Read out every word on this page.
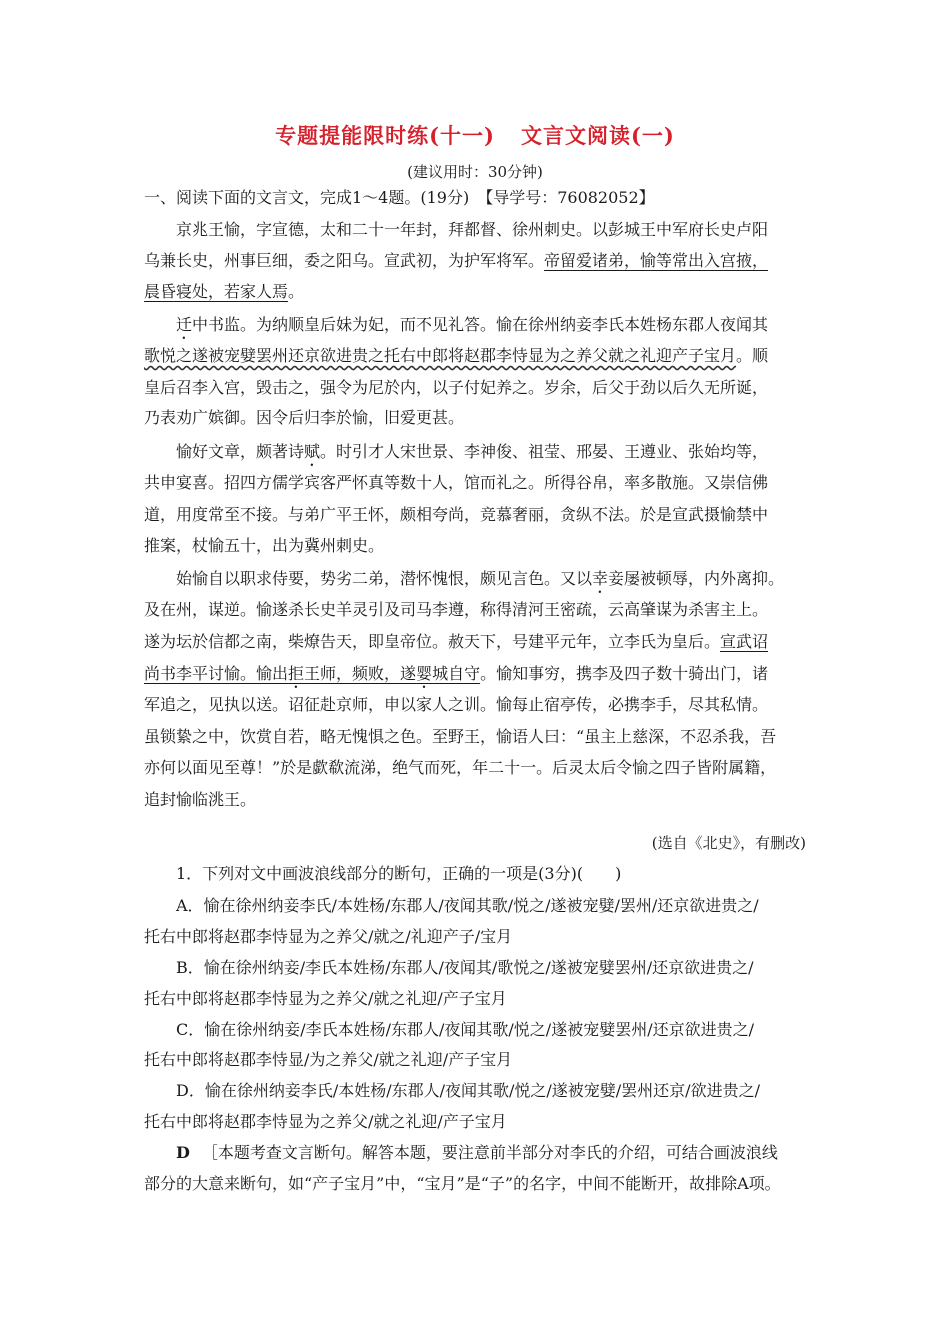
专题提能限时练(十一) 文言文阅读(一)
(建议用时：30分钟)
一、阅读下面的文言文，完成1～4题。(19分)　【导学号：76082052】
京兆王愉，字宣德，太和二十一年封，拜都督、徐州刺史。以彭城王中军府长史卢阳
乌兼长史，州事巨细，委之阳乌。宣武初，为护军将军。帝留爱诸弟，愉等常出入宫掖，
晨昏寝处，若家人焉。
迁中书监。为纳顺皇后妹为妃，而不见礼答。愉在徐州纳妾李氏本姓杨东郡人夜闻其
歌悦之遂被宠嬖罢州还京欲进贵之托右中郎将赵郡李恃显为之养父就之礼迎产子宝月。顺
皇后召李入宫，毁击之，强令为尼於内，以子付妃养之。岁余，后父于劲以后久无所诞，
乃表劝广嫔御。因令后归李於愉，旧爱更甚。
愉好文章，颇著诗赋。时引才人宋世景、李神俊、祖莹、邢晏、王遵业、张始均等，
共申宴喜。招四方儒学宾客严怀真等数十人，馆而礼之。所得谷帛，率多散施。又崇信佛
道，用度常至不接。与弟广平王怀，颇相夸尚，竞慕奢丽，贪纵不法。於是宣武摄愉禁中
推案，杖愉五十，出为冀州刺史。
始愉自以职求侍要，势劣二弟，潜怀愧恨，颇见言色。又以幸妾屡被顿辱，内外离抑。
及在州，谋逆。愉遂杀长史羊灵引及司马李遵，称得清河王密疏，云高肇谋为杀害主上。
遂为坛於信都之南，柴燎告天，即皇帝位。赦天下，号建平元年，立李氏为皇后。宣武诏
尚书李平讨愉。愉出拒王师，频败，遂婴城自守。愉知事穷，携李及四子数十骑出门，诸
军追之，见执以送。诏征赴京师，申以家人之训。愉每止宿亭传，必携李手，尽其私情。
虽锁絷之中，饮赏自若，略无愧惧之色。至野王，愉语人曰：“虽主上慈深，不忍杀我，吾
亦何以面见至尊！”於是歔欷流涕，绝气而死，年二十一。后灵太后令愉之四子皆附属籍，
追封愉临洮王。
(选自《北史》，有删改)
1．下列对文中画波浪线部分的断句，正确的一项是(3分)(　　)
A．愉在徐州纳妾李氏/本姓杨/东郡人/夜闻其歌/悦之/遂被宠嬖/罢州/还京欲进贵之/
托右中郎将赵郡李恃显为之养父/就之/礼迎产子/宝月
B．愉在徐州纳妾/李氏本姓杨/东郡人/夜闻其/歌悦之/遂被宠嬖罢州/还京欲进贵之/
托右中郎将赵郡李恃显为之养父/就之礼迎/产子宝月
C．愉在徐州纳妾/李氏本姓杨/东郡人/夜闻其歌/悦之/遂被宠嬖罢州/还京欲进贵之/
托右中郎将赵郡李恃显/为之养父/就之礼迎/产子宝月
D．愉在徐州纳妾李氏/本姓杨/东郡人/夜闻其歌/悦之/遂被宠嬖/罢州还京/欲进贵之/
托右中郎将赵郡李恃显为之养父/就之礼迎/产子宝月
D ［本题考查文言断句。解答本题，要注意前半部分对李氏的介绍，可结合画波浪线
部分的大意来断句，如“产子宝月”中，“宝月”是“子”的名字，中间不能断开，故排除A项。
